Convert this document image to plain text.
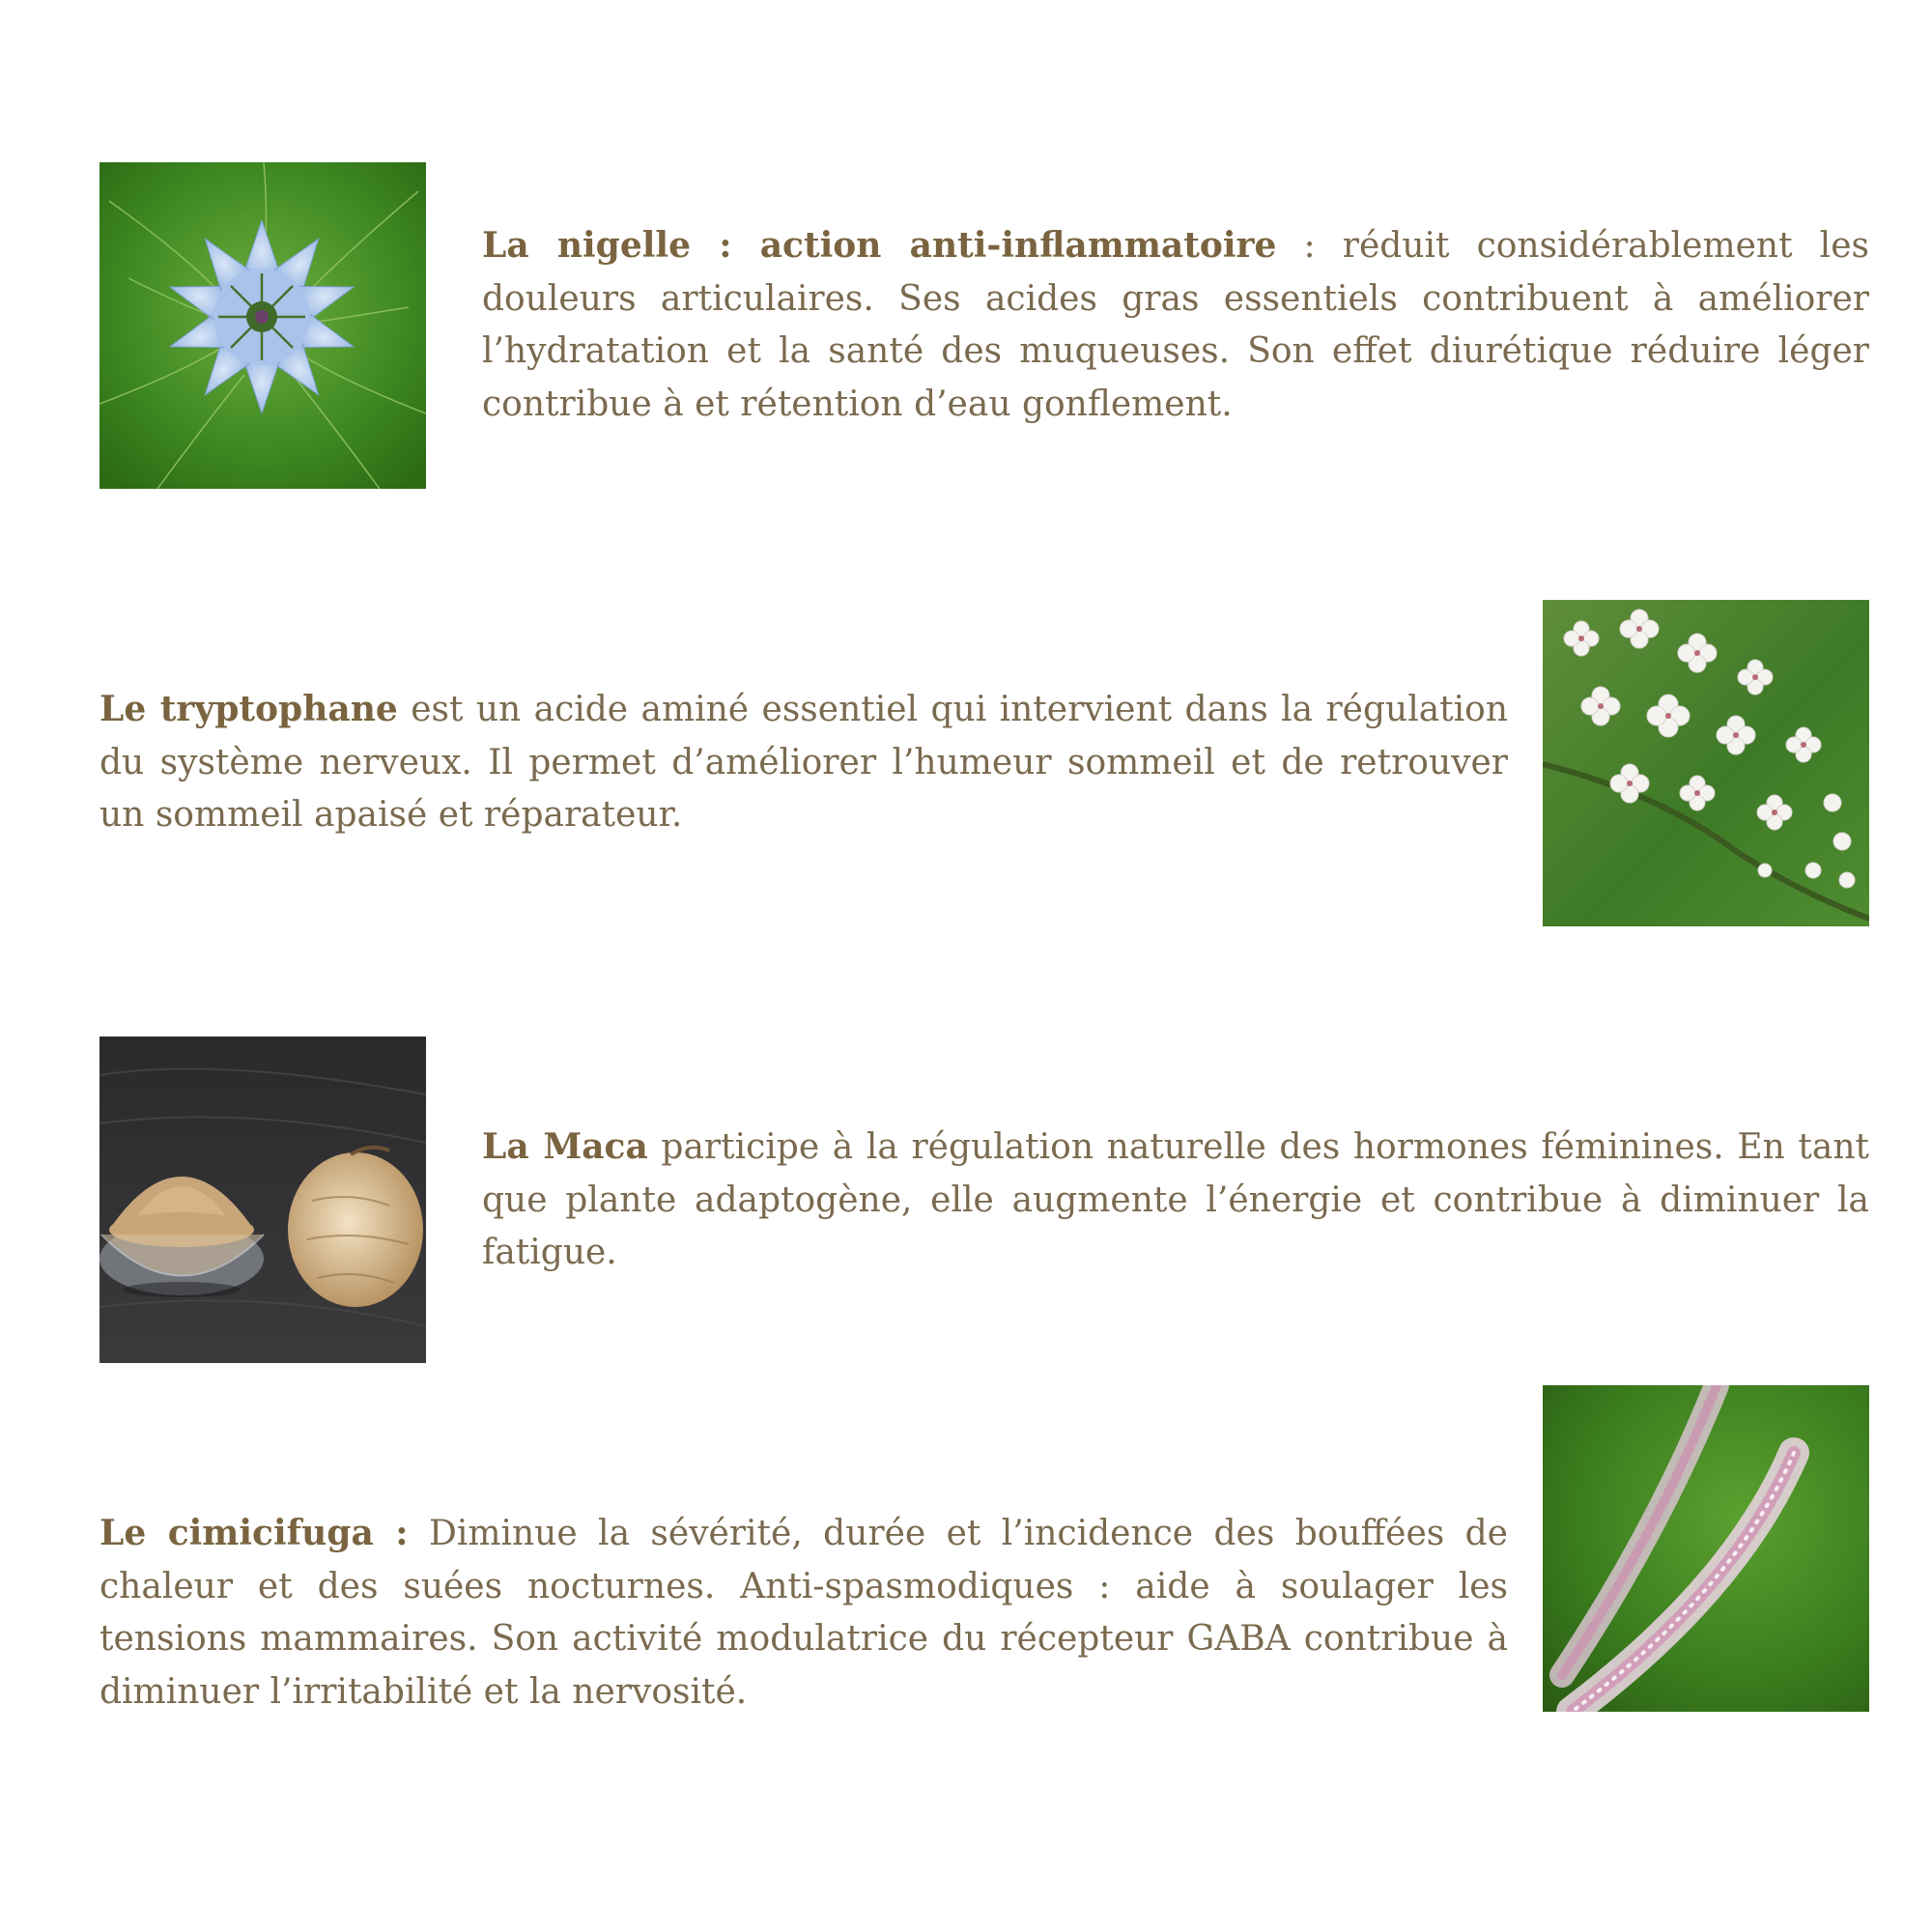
La nigelle : action anti-inflammatoire : réduit considérablement les douleurs articulaires. Ses acides gras essentiels contribuent à améliorer l’hydratation et la santé des muqueuses. Son effet diurétique réduire léger contribue à et rétention d’eau gonflement.

Le tryptophane est un acide aminé essentiel qui intervient dans la régulation du système nerveux. Il permet d’améliorer l’humeur sommeil et de retrouver un sommeil apaisé et réparateur.

La Maca participe à la régulation naturelle des hormones féminines. En tant que plante adaptogène, elle augmente l’énergie et contribue à diminuer la fatigue.

Le cimicifuga : Diminue la sévérité, durée et l’incidence des bouffées de chaleur et des suées nocturnes. Anti-spasmodiques : aide à soulager les tensions mammaires. Son activité modulatrice du récepteur GABA contribue à diminuer l’irritabilité et la nervosité.
